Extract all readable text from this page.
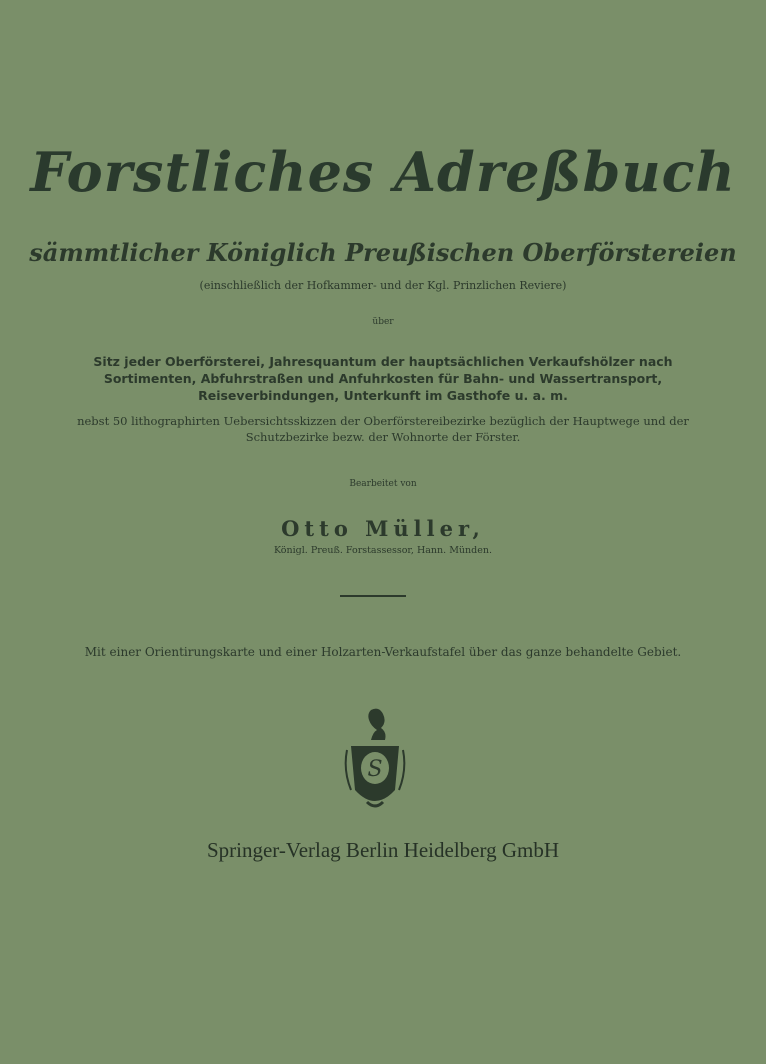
Forstliches Adreßbuch
sämmtlicher Königlich Preußischen Oberförstereien
(einschließlich der Hofkammer- und der Kgl. Prinzlichen Reviere)
über
Sitz jeder Oberförsterei, Jahresquantum der hauptsächlichen Verkaufshölzer nach
Sortimenten, Abfuhrstraßen und Anfuhrkosten für Bahn- und Wassertransport,
Reiseverbindungen, Unterkunft im Gasthofe u. a. m.
nebst 50 lithographirten Uebersichtsskizzen der Oberförstereibezirke bezüglich der Hauptwege und der
Schutzbezirke bezw. der Wohnorte der Förster.
Bearbeitet von
Otto Müller,
Königl. Preuß. Forstassessor, Hann. Münden.
Mit einer Orientirungskarte und einer Holzarten-Verkaufstafel über das ganze behandelte Gebiet.
S
Springer-Verlag Berlin Heidelberg GmbH
